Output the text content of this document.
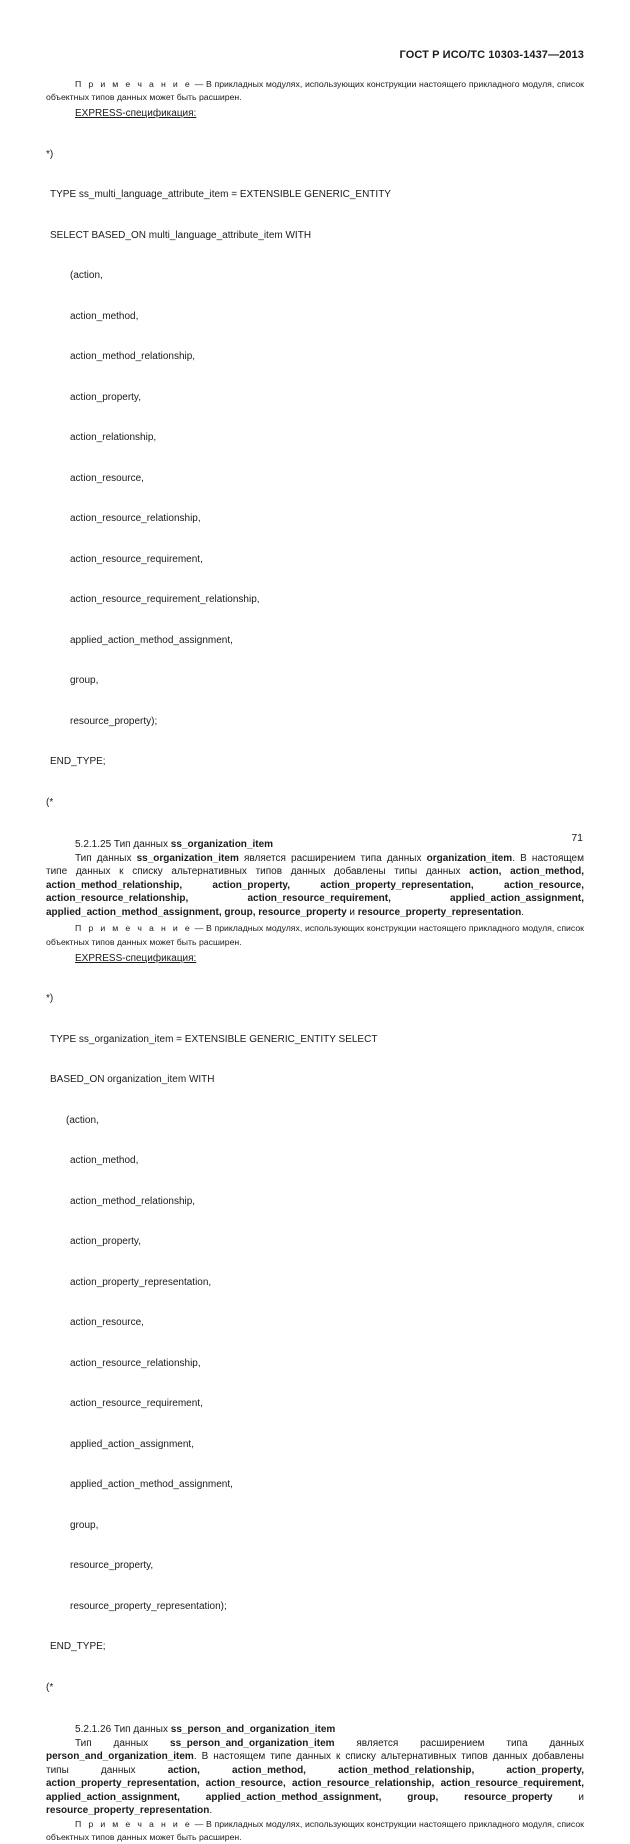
ГОСТ Р ИСО/ТС 10303-1437—2013
П р и м е ч а н и е — В прикладных модулях, использующих конструкции настоящего прикладного модуля, список объектных типов данных может быть расширен.
EXPRESS-спецификация:

*)

TYPE ss_multi_language_attribute_item = EXTENSIBLE GENERIC_ENTITY

SELECT BASED_ON multi_language_attribute_item WITH

(action,

action_method,

action_method_relationship,

action_property,

action_relationship,

action_resource,

action_resource_relationship,

action_resource_requirement,

action_resource_requirement_relationship,

applied_action_method_assignment,

group,

resource_property);

END_TYPE;

(*

5.2.1.25 Тип данных ss_organization_item
Тип данных ss_organization_item является расширением типа данных organization_item. В настоящем типе данных к списку альтернативных типов данных добавлены типы данных action, action_method, action_method_relationship, action_property, action_property_representation, action_resource, action_resource_relationship, action_resource_requirement, applied_action_assignment, applied_action_method_assignment, group, resource_property и resource_property_representation.
П р и м е ч а н и е — В прикладных модулях, использующих конструкции настоящего прикладного модуля, список объектных типов данных может быть расширен.
EXPRESS-спецификация:

*)

TYPE ss_organization_item = EXTENSIBLE GENERIC_ENTITY SELECT

BASED_ON organization_item WITH

(action,

action_method,

action_method_relationship,

action_property,

action_property_representation,

action_resource,

action_resource_relationship,

action_resource_requirement,

applied_action_assignment,

applied_action_method_assignment,

group,

resource_property,

resource_property_representation);

END_TYPE;

(*

5.2.1.26 Тип данных ss_person_and_organization_item
Тип данных ss_person_and_organization_item является расширением типа данных person_and_organization_item. В настоящем типе данных к списку альтернативных типов данных добавлены типы данных action, action_method, action_method_relationship, action_property, action_property_representation, action_resource, action_resource_relationship, action_resource_requirement, applied_action_assignment, applied_action_method_assignment, group, resource_property и resource_property_representation.
П р и м е ч а н и е — В прикладных модулях, использующих конструкции настоящего прикладного модуля, список объектных типов данных может быть расширен.
71
